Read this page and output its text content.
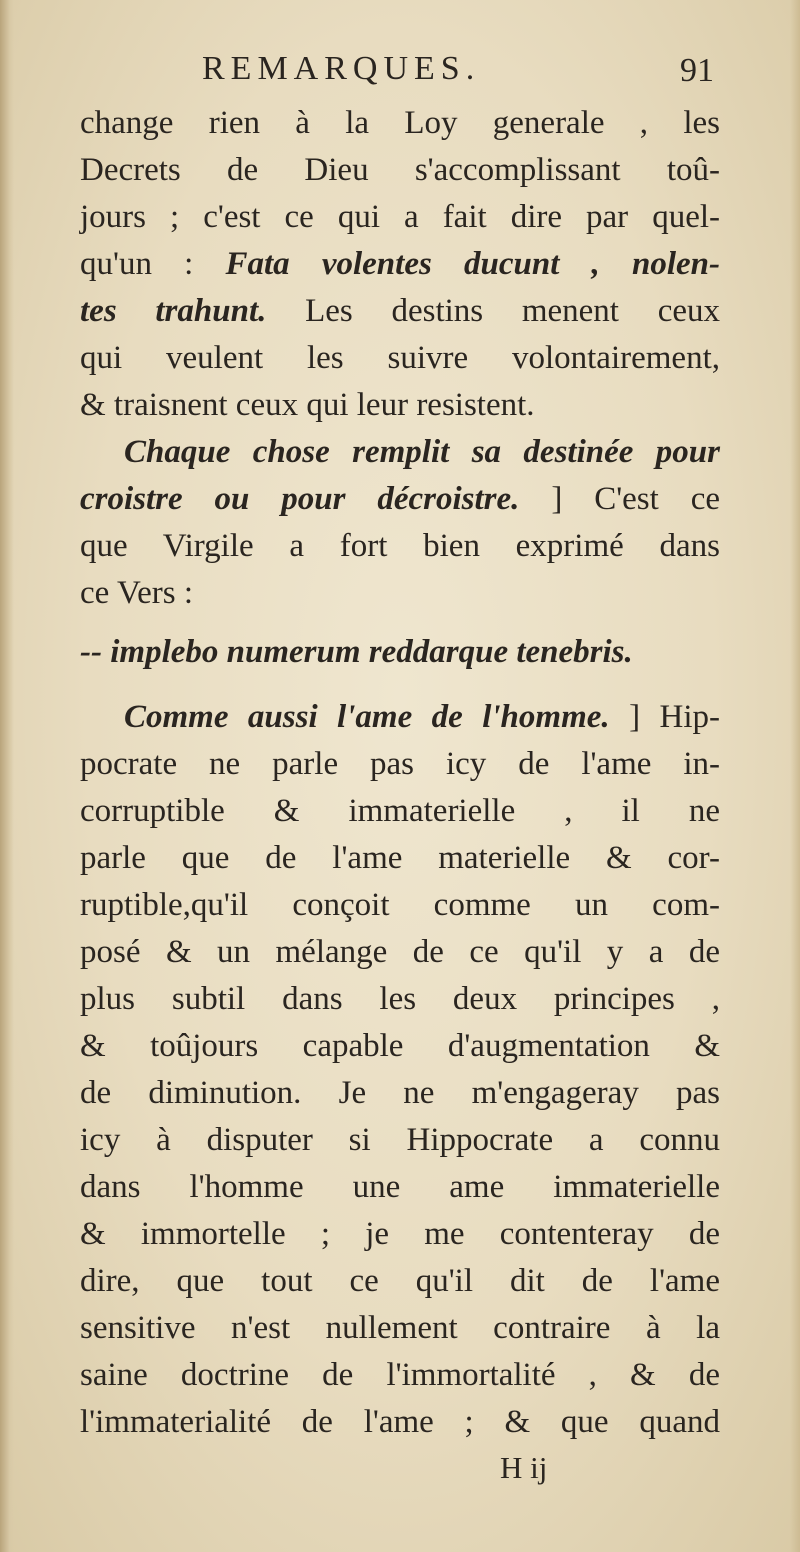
REMARQUES.	91
change rien à la Loy generale , les
Decrets de Dieu s'accomplissant toû-
jours ; c'est ce qui a fait dire par quel-
qu'un : Fata volentes ducunt , nolen-
tes trahunt. Les destins menent ceux
qui veulent les suivre volontairement,
& traisnent ceux qui leur resistent.
Chaque chose remplit sa destinée pour
croistre ou pour décroistre. ] C'est ce
que Virgile a fort bien exprimé dans
ce Vers :
-- implebo numerum reddarque tenebris.
Comme aussi l'ame de l'homme. ] Hip-
pocrate ne parle pas icy de l'ame in-
corruptible & immaterielle , il ne
parle que de l'ame materielle & cor-
ruptible,qu'il conçoit comme un com-
posé & un mélange de ce qu'il y a de
plus subtil dans les deux principes ,
& toûjours capable d'augmentation &
de diminution. Je ne m'engageray pas
icy à disputer si Hippocrate a connu
dans l'homme une ame immaterielle
& immortelle ; je me contenteray de
dire, que tout ce qu'il dit de l'ame
sensitive n'est nullement contraire à la
saine doctrine de l'immortalité , & de
l'immaterialité de l'ame ; & que quand
H ij
